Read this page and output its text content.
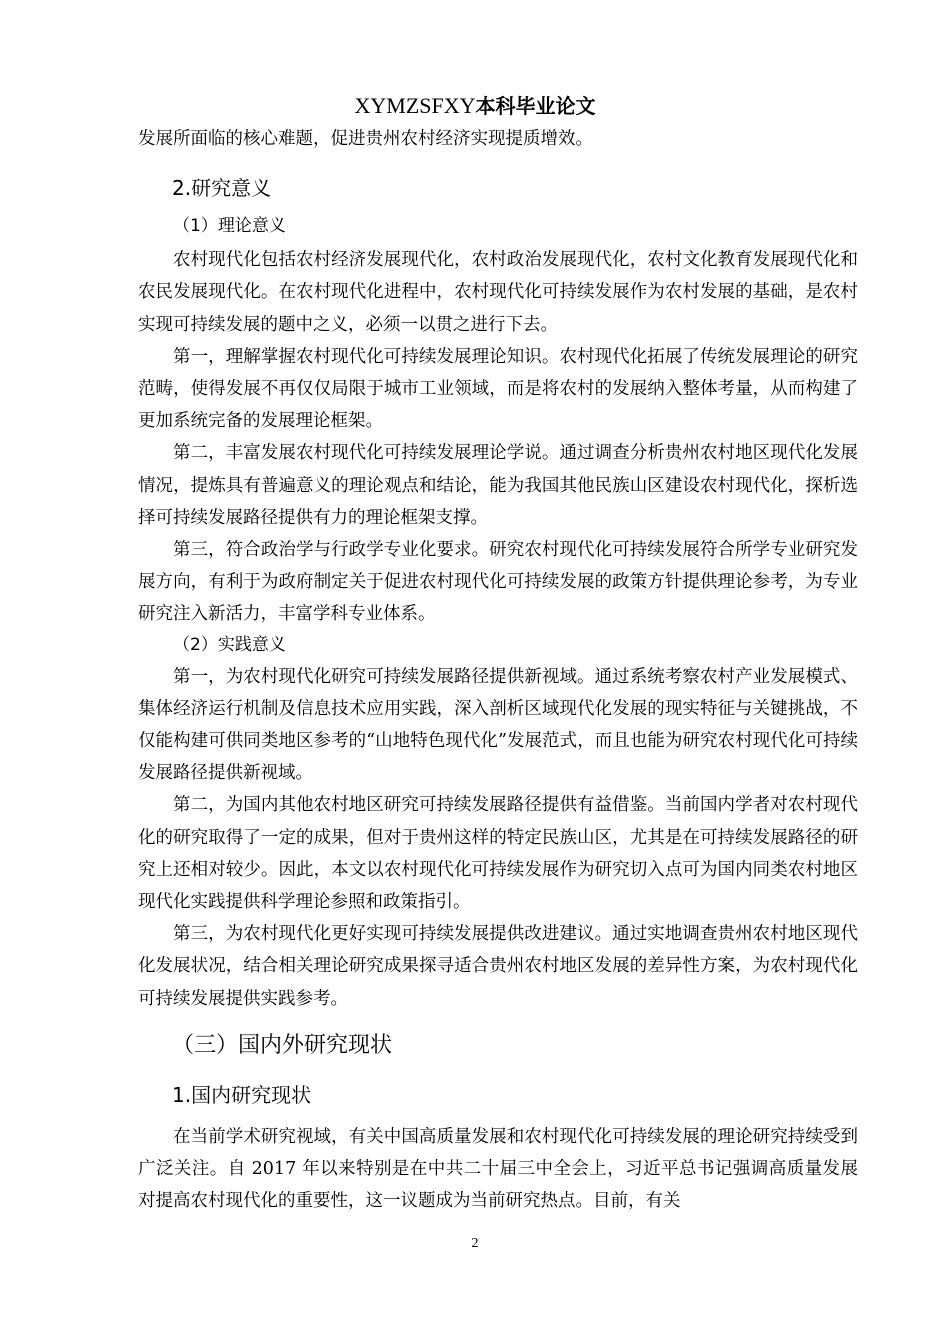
XYMZSFXY本科毕业论文

发展所面临的核心难题，促进贵州农村经济实现提质增效。

2.研究意义
（1）理论意义

农村现代化包括农村经济发展现代化，农村政治发展现代化，农村文化教育发展现代化和农民发展现代化。在农村现代化进程中，农村现代化可持续发展作为农村发展的基础，是农村实现可持续发展的题中之义，必须一以贯之进行下去。

第一，理解掌握农村现代化可持续发展理论知识。农村现代化拓展了传统发展理论的研究范畴，使得发展不再仅仅局限于城市工业领域，而是将农村的发展纳入整体考量，从而构建了更加系统完备的发展理论框架。

第二，丰富发展农村现代化可持续发展理论学说。通过调查分析贵州农村地区现代化发展情况，提炼具有普遍意义的理论观点和结论，能为我国其他民族山区建设农村现代化，探析选择可持续发展路径提供有力的理论框架支撑。

第三，符合政治学与行政学专业化要求。研究农村现代化可持续发展符合所学专业研究发展方向，有利于为政府制定关于促进农村现代化可持续发展的政策方针提供理论参考，为专业研究注入新活力，丰富学科专业体系。

（2）实践意义

第一，为农村现代化研究可持续发展路径提供新视域。通过系统考察农村产业发展模式、集体经济运行机制及信息技术应用实践，深入剖析区域现代化发展的现实特征与关键挑战，不仅能构建可供同类地区参考的“山地特色现代化”发展范式，而且也能为研究农村现代化可持续发展路径提供新视域。

第二，为国内其他农村地区研究可持续发展路径提供有益借鉴。当前国内学者对农村现代化的研究取得了一定的成果，但对于贵州这样的特定民族山区，尤其是在可持续发展路径的研究上还相对较少。因此，本文以农村现代化可持续发展作为研究切入点可为国内同类农村地区现代化实践提供科学理论参照和政策指引。

第三，为农村现代化更好实现可持续发展提供改进建议。通过实地调查贵州农村地区现代化发展状况，结合相关理论研究成果探寻适合贵州农村地区发展的差异性方案，为农村现代化可持续发展提供实践参考。

（三）国内外研究现状
1.国内研究现状

在当前学术研究视域，有关中国高质量发展和农村现代化可持续发展的理论研究持续受到广泛关注。自 2017 年以来特别是在中共二十届三中全会上，习近平总书记强调高质量发展对提高农村现代化的重要性，这一议题成为当前研究热点。目前，有关

2
